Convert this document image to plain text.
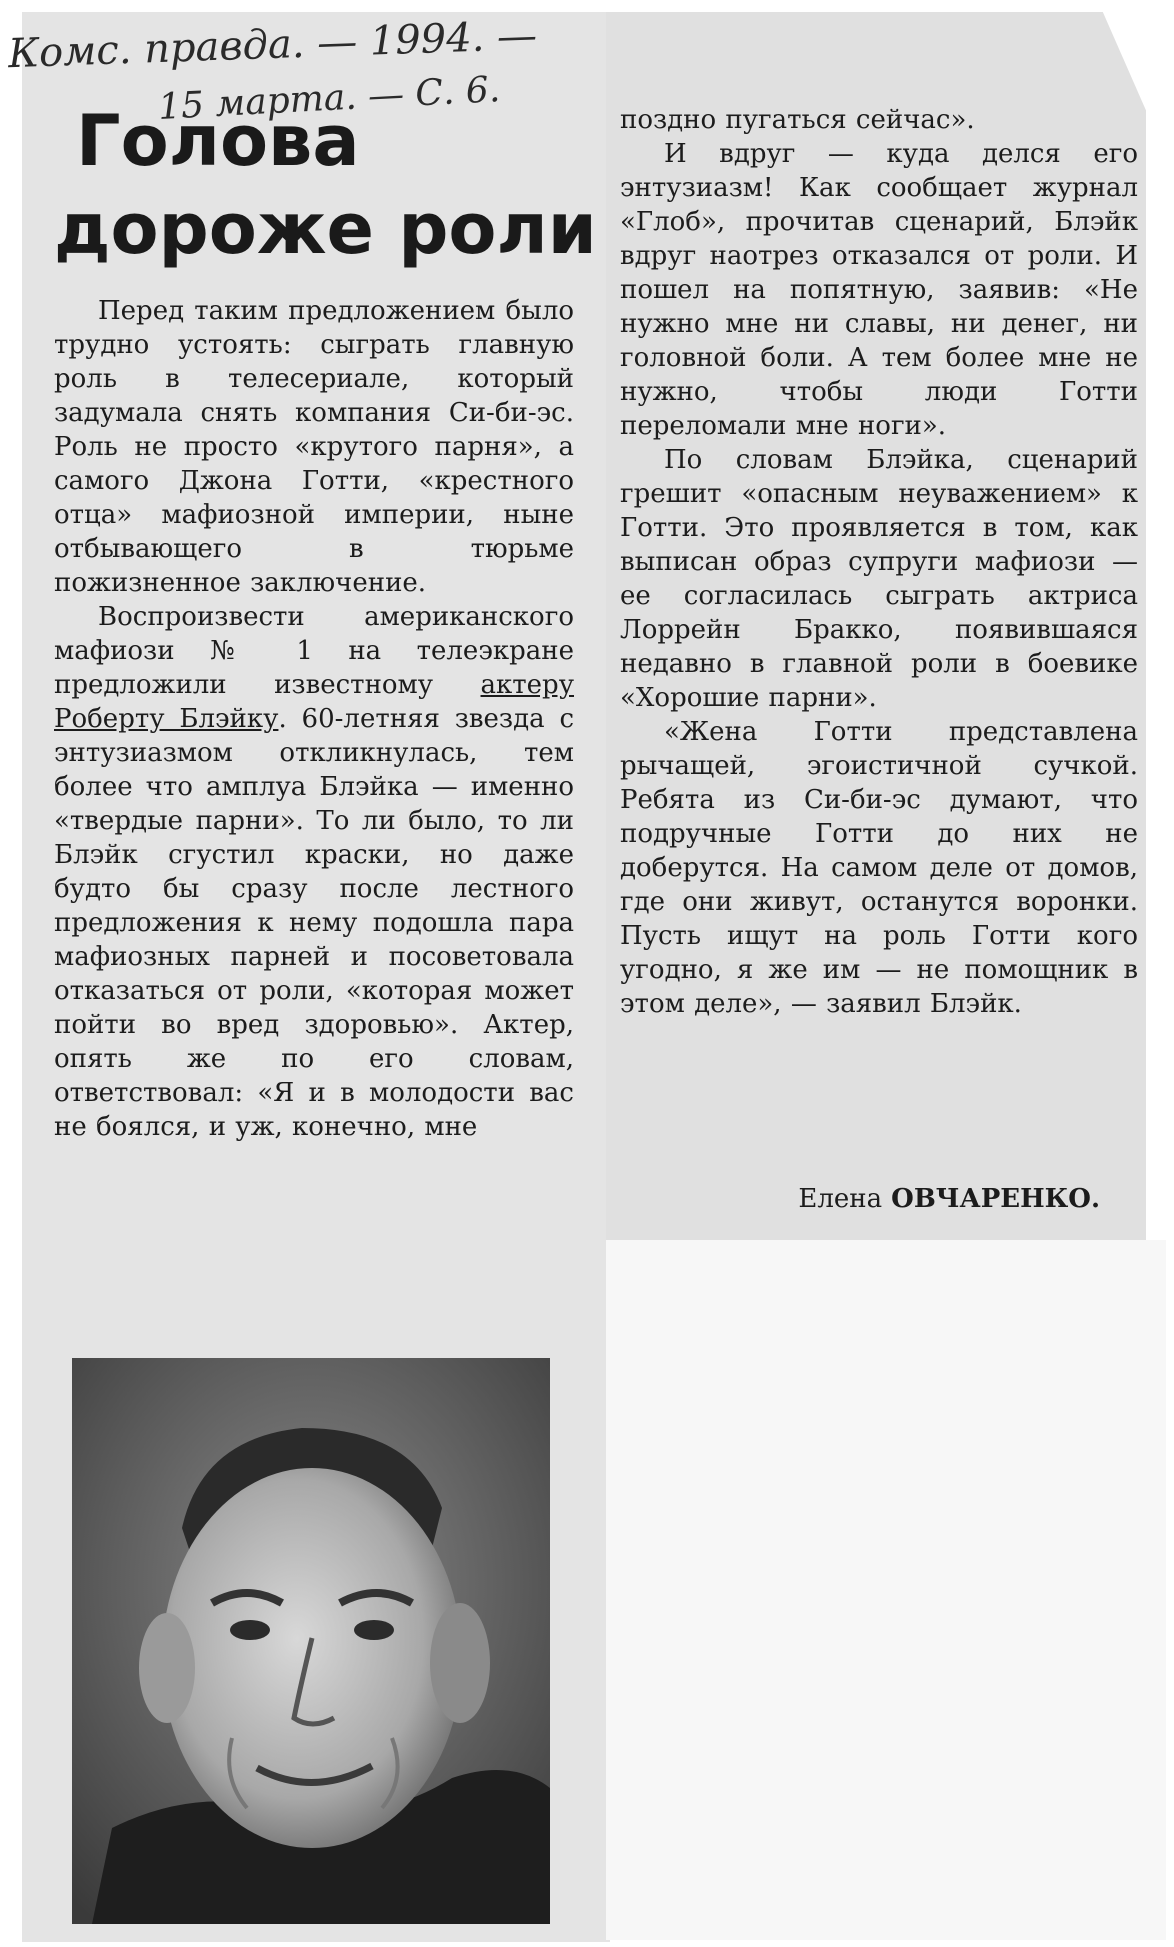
Комс. правда. — 1994. —
15 марта. — С. 6.
Голова
дороже роли

Перед таким предложением было трудно устоять: сыграть главную роль в телесериале, который задумала снять компания Си-би-эс. Роль не просто «крутого парня», а самого Джона Готти, «крестного отца» мафиозной империи, ныне отбывающего в тюрьме пожизненное заключение.

Воспроизвести американского мафиози № 1 на телеэкране предложили известному актеру Роберту Блэйку. 60-летняя звезда с энтузиазмом откликнулась, тем более что амплуа Блэйка — именно «твердые парни». То ли было, то ли Блэйк сгустил краски, но даже будто бы сразу после лестного предложения к нему подошла пара мафиозных парней и посоветовала отказаться от роли, «которая может пойти во вред здоровью». Актер, опять же по его словам, ответствовал: «Я и в молодости вас не боялся, и уж, конечно, мне

поздно пугаться сейчас».

И вдруг — куда делся его энтузиазм! Как сообщает журнал «Глоб», прочитав сценарий, Блэйк вдруг наотрез отказался от роли. И пошел на попятную, заявив: «Не нужно мне ни славы, ни денег, ни головной боли. А тем более мне не нужно, чтобы люди Готти переломали мне ноги».

По словам Блэйка, сценарий грешит «опасным неуважением» к Готти. Это проявляется в том, как выписан образ супруги мафиози — ее согласилась сыграть актриса Лоррейн Бракко, появившаяся недавно в главной роли в боевике «Хорошие парни».

«Жена Готти представлена рычащей, эгоистичной сучкой. Ребята из Си-би-эс думают, что подручные Готти до них не доберутся. На самом деле от домов, где они живут, останутся воронки. Пусть ищут на роль Готти кого угодно, я же им — не помощник в этом деле», — заявил Блэйк.

Елена ОВЧАРЕНКО.
